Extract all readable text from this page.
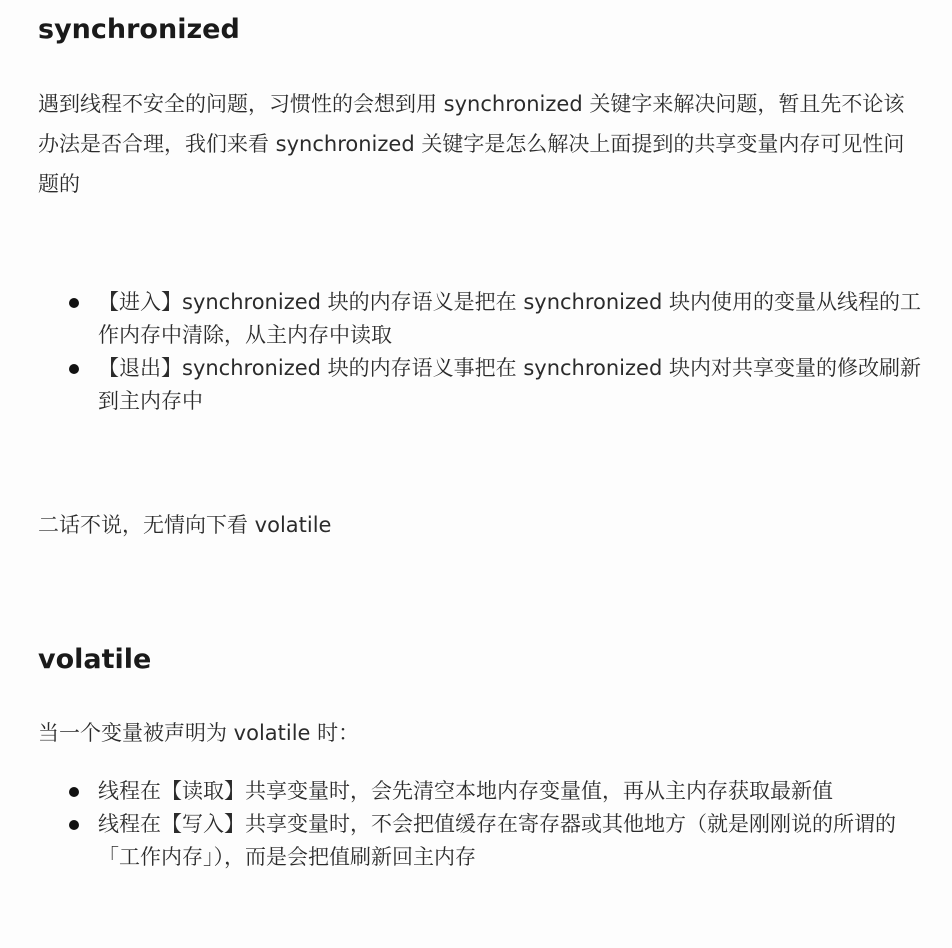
synchronized

遇到线程不安全的问题，习惯性的会想到用 synchronized 关键字来解决问题，暂且先不论该办法是否合理，我们来看 synchronized 关键字是怎么解决上面提到的共享变量内存可见性问题的

【进入】synchronized 块的内存语义是把在 synchronized 块内使用的变量从线程的工作内存中清除，从主内存中读取
【退出】synchronized 块的内存语义事把在 synchronized 块内对共享变量的修改刷新到主内存中

二话不说，无情向下看 volatile

volatile

当一个变量被声明为 volatile 时：

线程在【读取】共享变量时，会先清空本地内存变量值，再从主内存获取最新值
线程在【写入】共享变量时，不会把值缓存在寄存器或其他地方（就是刚刚说的所谓的「工作内存」），而是会把值刷新回主内存
